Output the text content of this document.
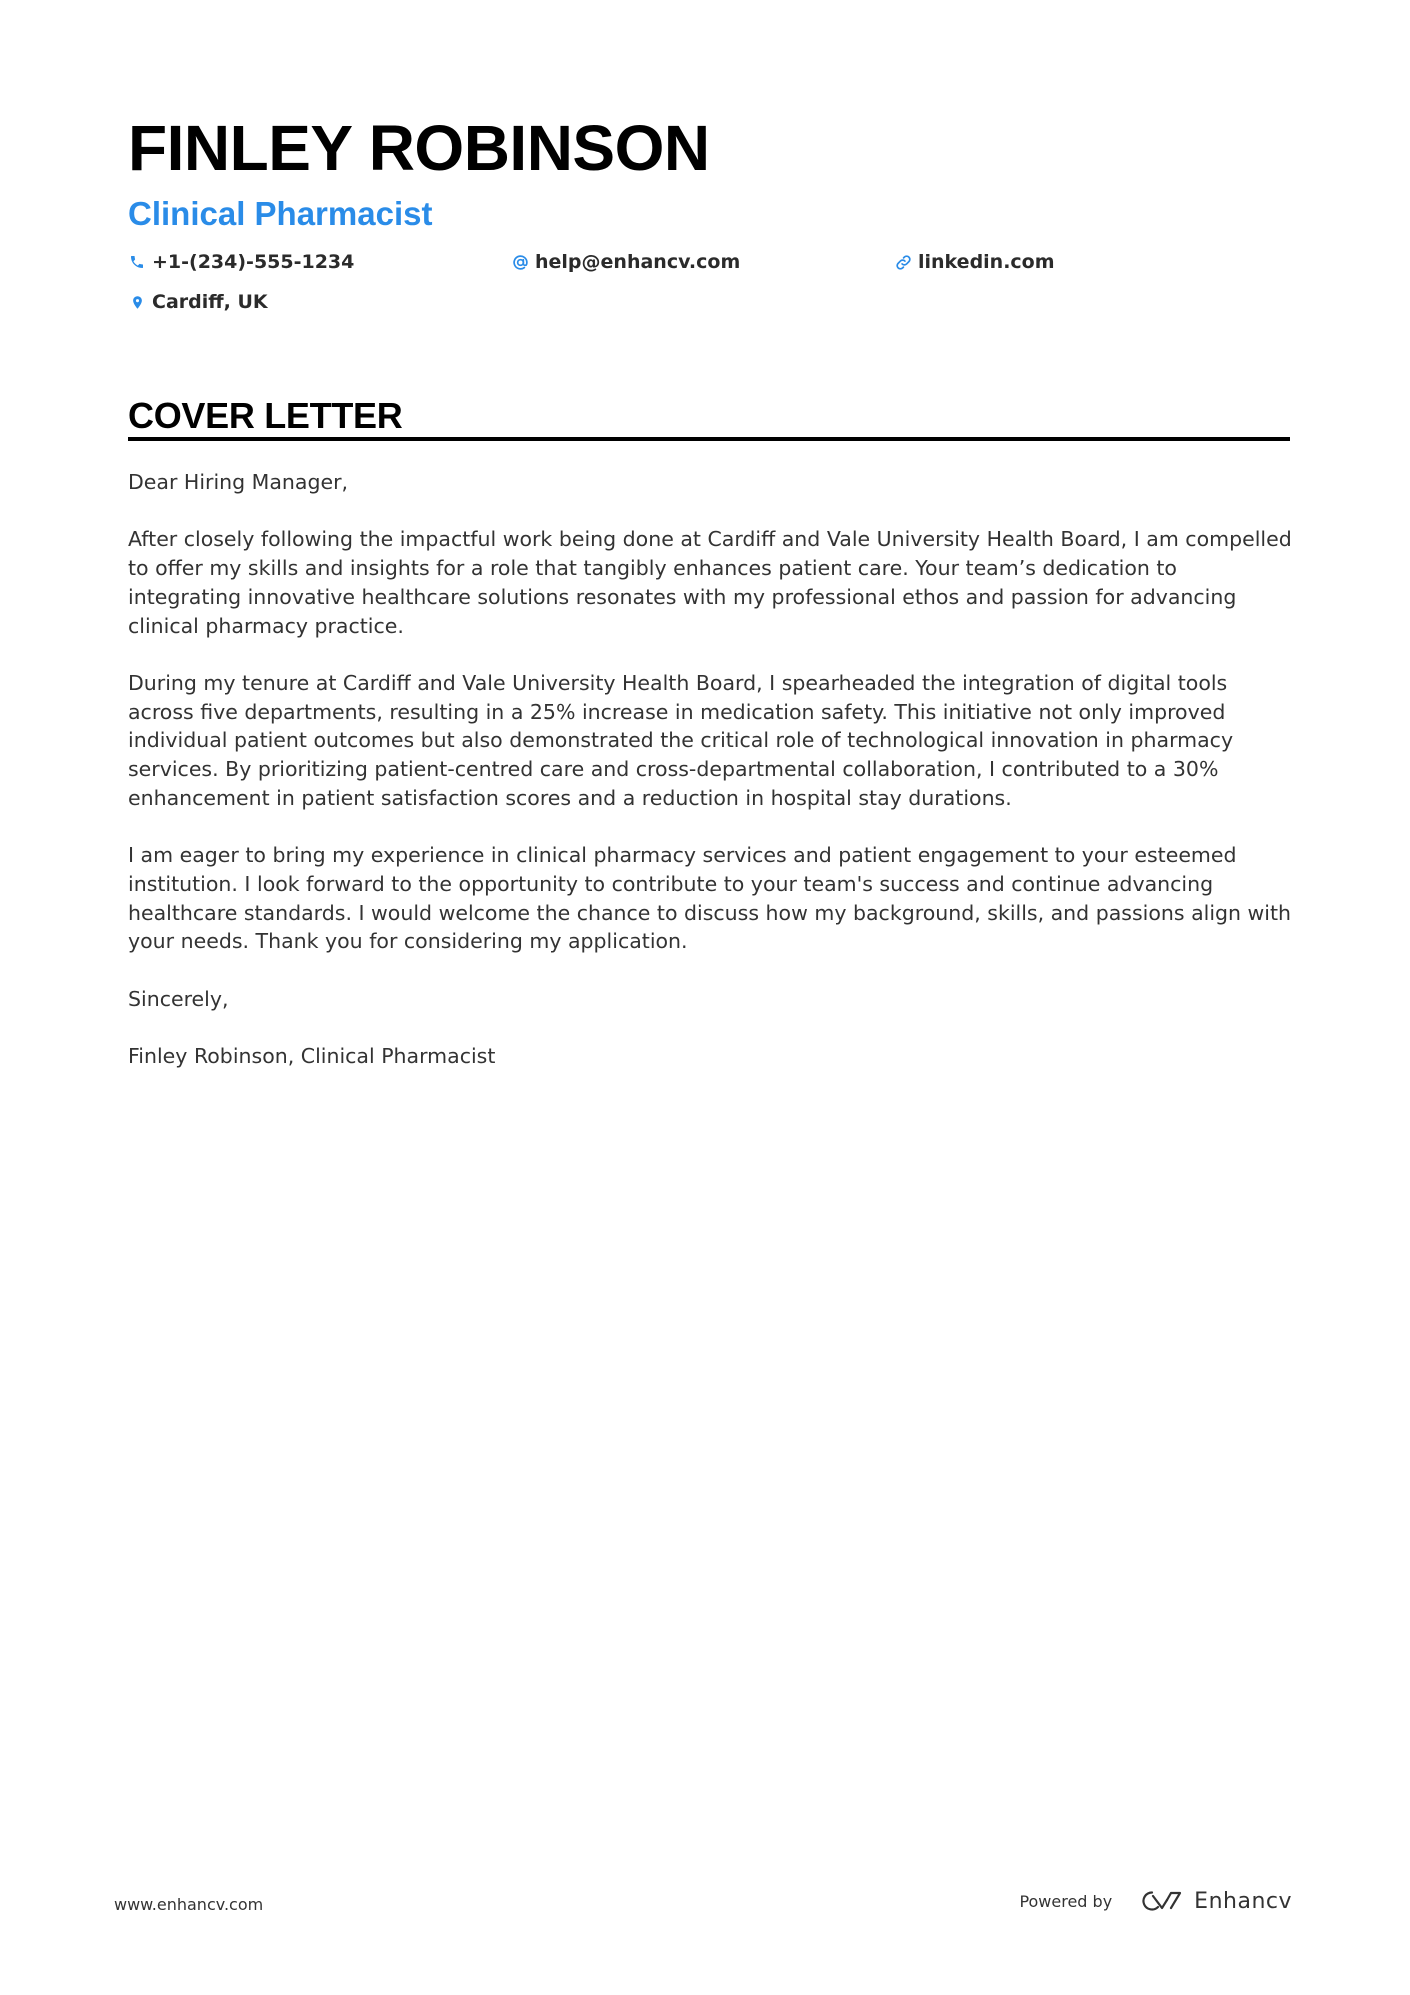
FINLEY ROBINSON
Clinical Pharmacist
+1-(234)-555-1234	help@enhancv.com	linkedin.com
Cardiff, UK
COVER LETTER

Dear Hiring Manager,

After closely following the impactful work being done at Cardiff and Vale University Health Board, I am compelled to offer my skills and insights for a role that tangibly enhances patient care. Your team’s dedication to integrating innovative healthcare solutions resonates with my professional ethos and passion for advancing clinical pharmacy practice.

During my tenure at Cardiff and Vale University Health Board, I spearheaded the integration of digital tools across five departments, resulting in a 25% increase in medication safety. This initiative not only improved individual patient outcomes but also demonstrated the critical role of technological innovation in pharmacy services. By prioritizing patient-centred care and cross-departmental collaboration, I contributed to a 30% enhancement in patient satisfaction scores and a reduction in hospital stay durations.

I am eager to bring my experience in clinical pharmacy services and patient engagement to your esteemed institution. I look forward to the opportunity to contribute to your team's success and continue advancing healthcare standards. I would welcome the chance to discuss how my background, skills, and passions align with your needs. Thank you for considering my application.

Sincerely,

Finley Robinson, Clinical Pharmacist

www.enhancv.com	Powered by	Enhancv
